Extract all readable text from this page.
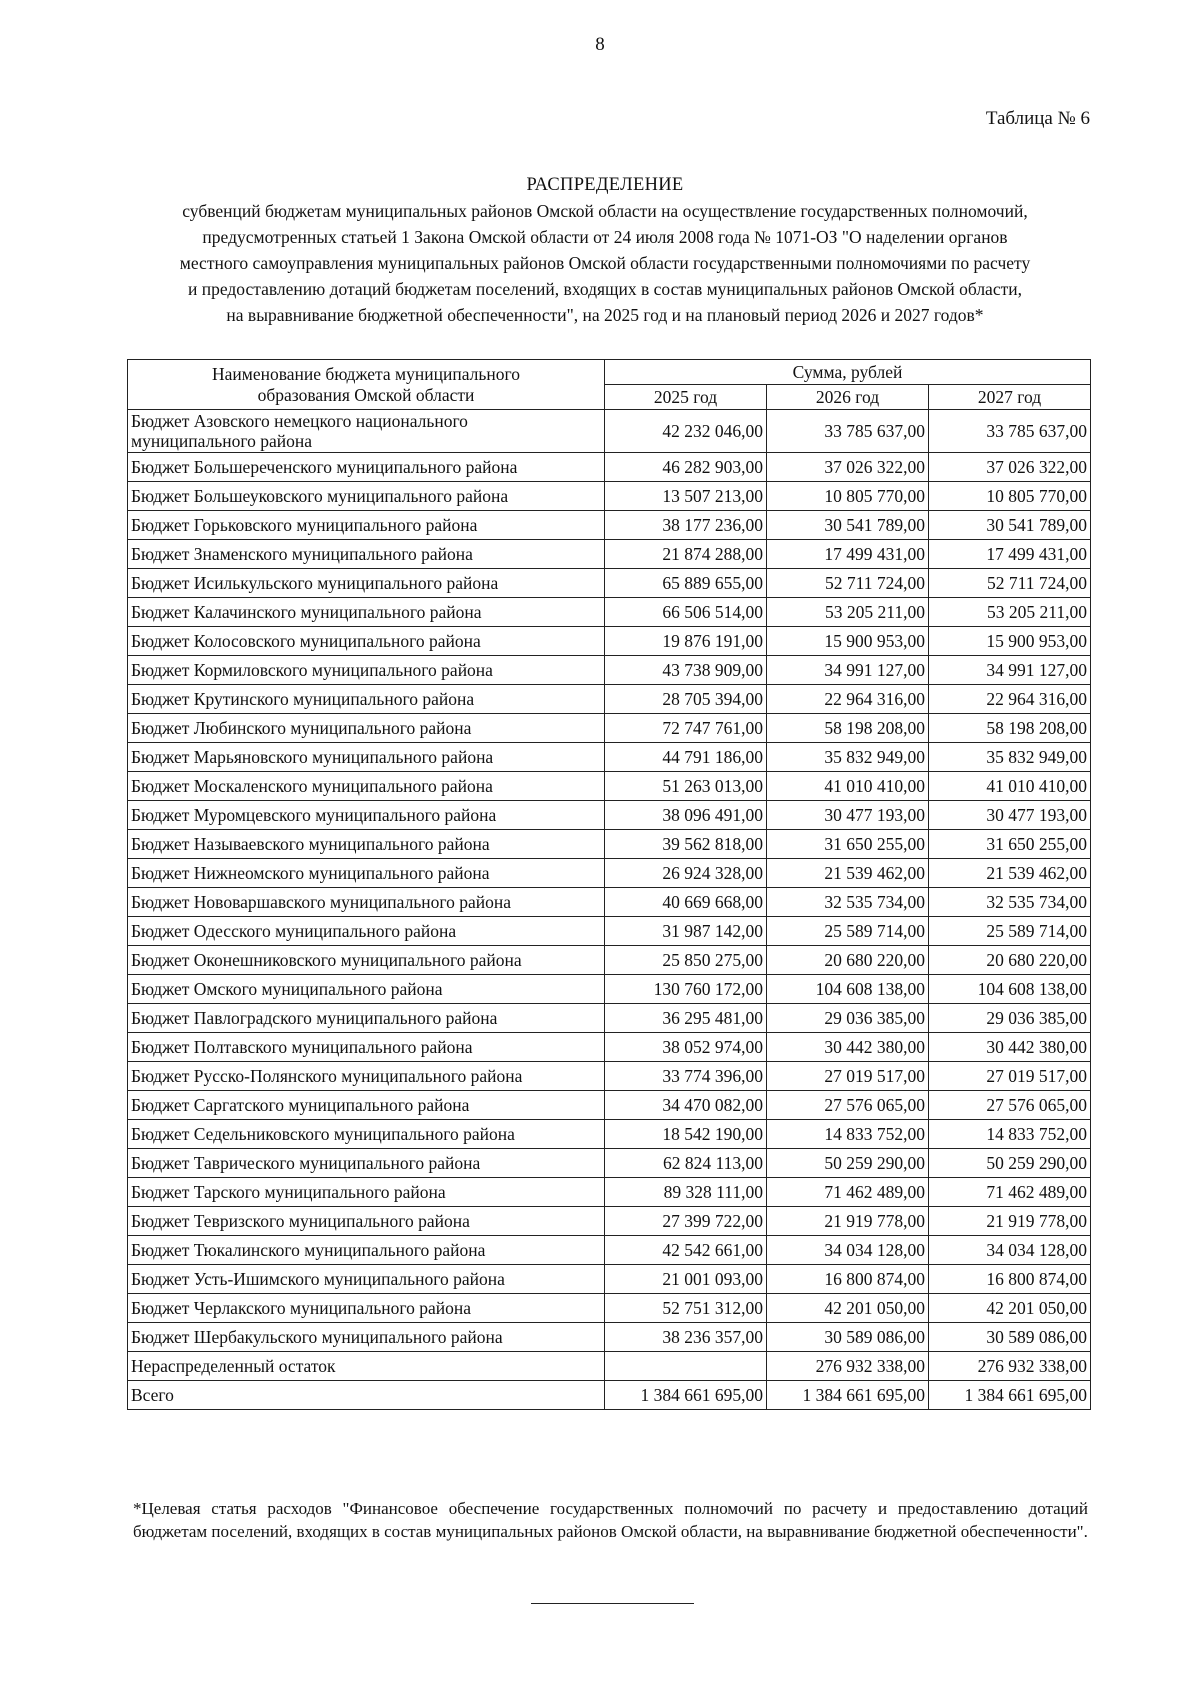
8
Таблица № 6
РАСПРЕДЕЛЕНИЕ
субвенций бюджетам муниципальных районов Омской области на осуществление государственных полномочий,
предусмотренных статьей 1 Закона Омской области от 24 июля 2008 года № 1071-ОЗ "О наделении органов
местного самоуправления муниципальных районов Омской области государственными полномочиями по расчету
и предоставлению дотаций бюджетам поселений, входящих в состав муниципальных районов Омской области,
на выравнивание бюджетной обеспеченности", на 2025 год и на плановый период 2026 и 2027 годов*
Наименование бюджета муниципального
образования Омской области	Сумма, рублей		
	2025 год	2026 год	2027 год

Бюджет Азовского немецкого национального
муниципального района	42 232 046,00	33 785 637,00	33 785 637,00
Бюджет Большереченского муниципального района	46 282 903,00	37 026 322,00	37 026 322,00
Бюджет Большеуковского муниципального района	13 507 213,00	10 805 770,00	10 805 770,00
Бюджет Горьковского муниципального района	38 177 236,00	30 541 789,00	30 541 789,00
Бюджет Знаменского муниципального района	21 874 288,00	17 499 431,00	17 499 431,00
Бюджет Исилькульского муниципального района	65 889 655,00	52 711 724,00	52 711 724,00
Бюджет Калачинского муниципального района	66 506 514,00	53 205 211,00	53 205 211,00
Бюджет Колосовского муниципального района	19 876 191,00	15 900 953,00	15 900 953,00
Бюджет Кормиловского муниципального района	43 738 909,00	34 991 127,00	34 991 127,00
Бюджет Крутинского муниципального района	28 705 394,00	22 964 316,00	22 964 316,00
Бюджет Любинского муниципального района	72 747 761,00	58 198 208,00	58 198 208,00
Бюджет Марьяновского муниципального района	44 791 186,00	35 832 949,00	35 832 949,00
Бюджет Москаленского муниципального района	51 263 013,00	41 010 410,00	41 010 410,00
Бюджет Муромцевского муниципального района	38 096 491,00	30 477 193,00	30 477 193,00
Бюджет Называевского муниципального района	39 562 818,00	31 650 255,00	31 650 255,00
Бюджет Нижнеомского муниципального района	26 924 328,00	21 539 462,00	21 539 462,00
Бюджет Нововаршавского муниципального района	40 669 668,00	32 535 734,00	32 535 734,00
Бюджет Одесского муниципального района	31 987 142,00	25 589 714,00	25 589 714,00
Бюджет Оконешниковского муниципального района	25 850 275,00	20 680 220,00	20 680 220,00
Бюджет Омского муниципального района	130 760 172,00	104 608 138,00	104 608 138,00
Бюджет Павлоградского муниципального района	36 295 481,00	29 036 385,00	29 036 385,00
Бюджет Полтавского муниципального района	38 052 974,00	30 442 380,00	30 442 380,00
Бюджет Русско-Полянского муниципального района	33 774 396,00	27 019 517,00	27 019 517,00
Бюджет Саргатского муниципального района	34 470 082,00	27 576 065,00	27 576 065,00
Бюджет Седельниковского муниципального района	18 542 190,00	14 833 752,00	14 833 752,00
Бюджет Таврического муниципального района	62 824 113,00	50 259 290,00	50 259 290,00
Бюджет Тарского муниципального района	89 328 111,00	71 462 489,00	71 462 489,00
Бюджет Тевризского муниципального района	27 399 722,00	21 919 778,00	21 919 778,00
Бюджет Тюкалинского муниципального района	42 542 661,00	34 034 128,00	34 034 128,00
Бюджет Усть-Ишимского муниципального района	21 001 093,00	16 800 874,00	16 800 874,00
Бюджет Черлакского муниципального района	52 751 312,00	42 201 050,00	42 201 050,00
Бюджет Шербакульского муниципального района	38 236 357,00	30 589 086,00	30 589 086,00
Нераспределенный остаток		276 932 338,00	276 932 338,00
Всего	1 384 661 695,00	1 384 661 695,00	1 384 661 695,00
*Целевая статья расходов "Финансовое обеспечение государственных полномочий по расчету и предоставлению дотаций бюджетам поселений, входящих в состав муниципальных районов Омской области, на выравнивание бюджетной обеспеченности".
